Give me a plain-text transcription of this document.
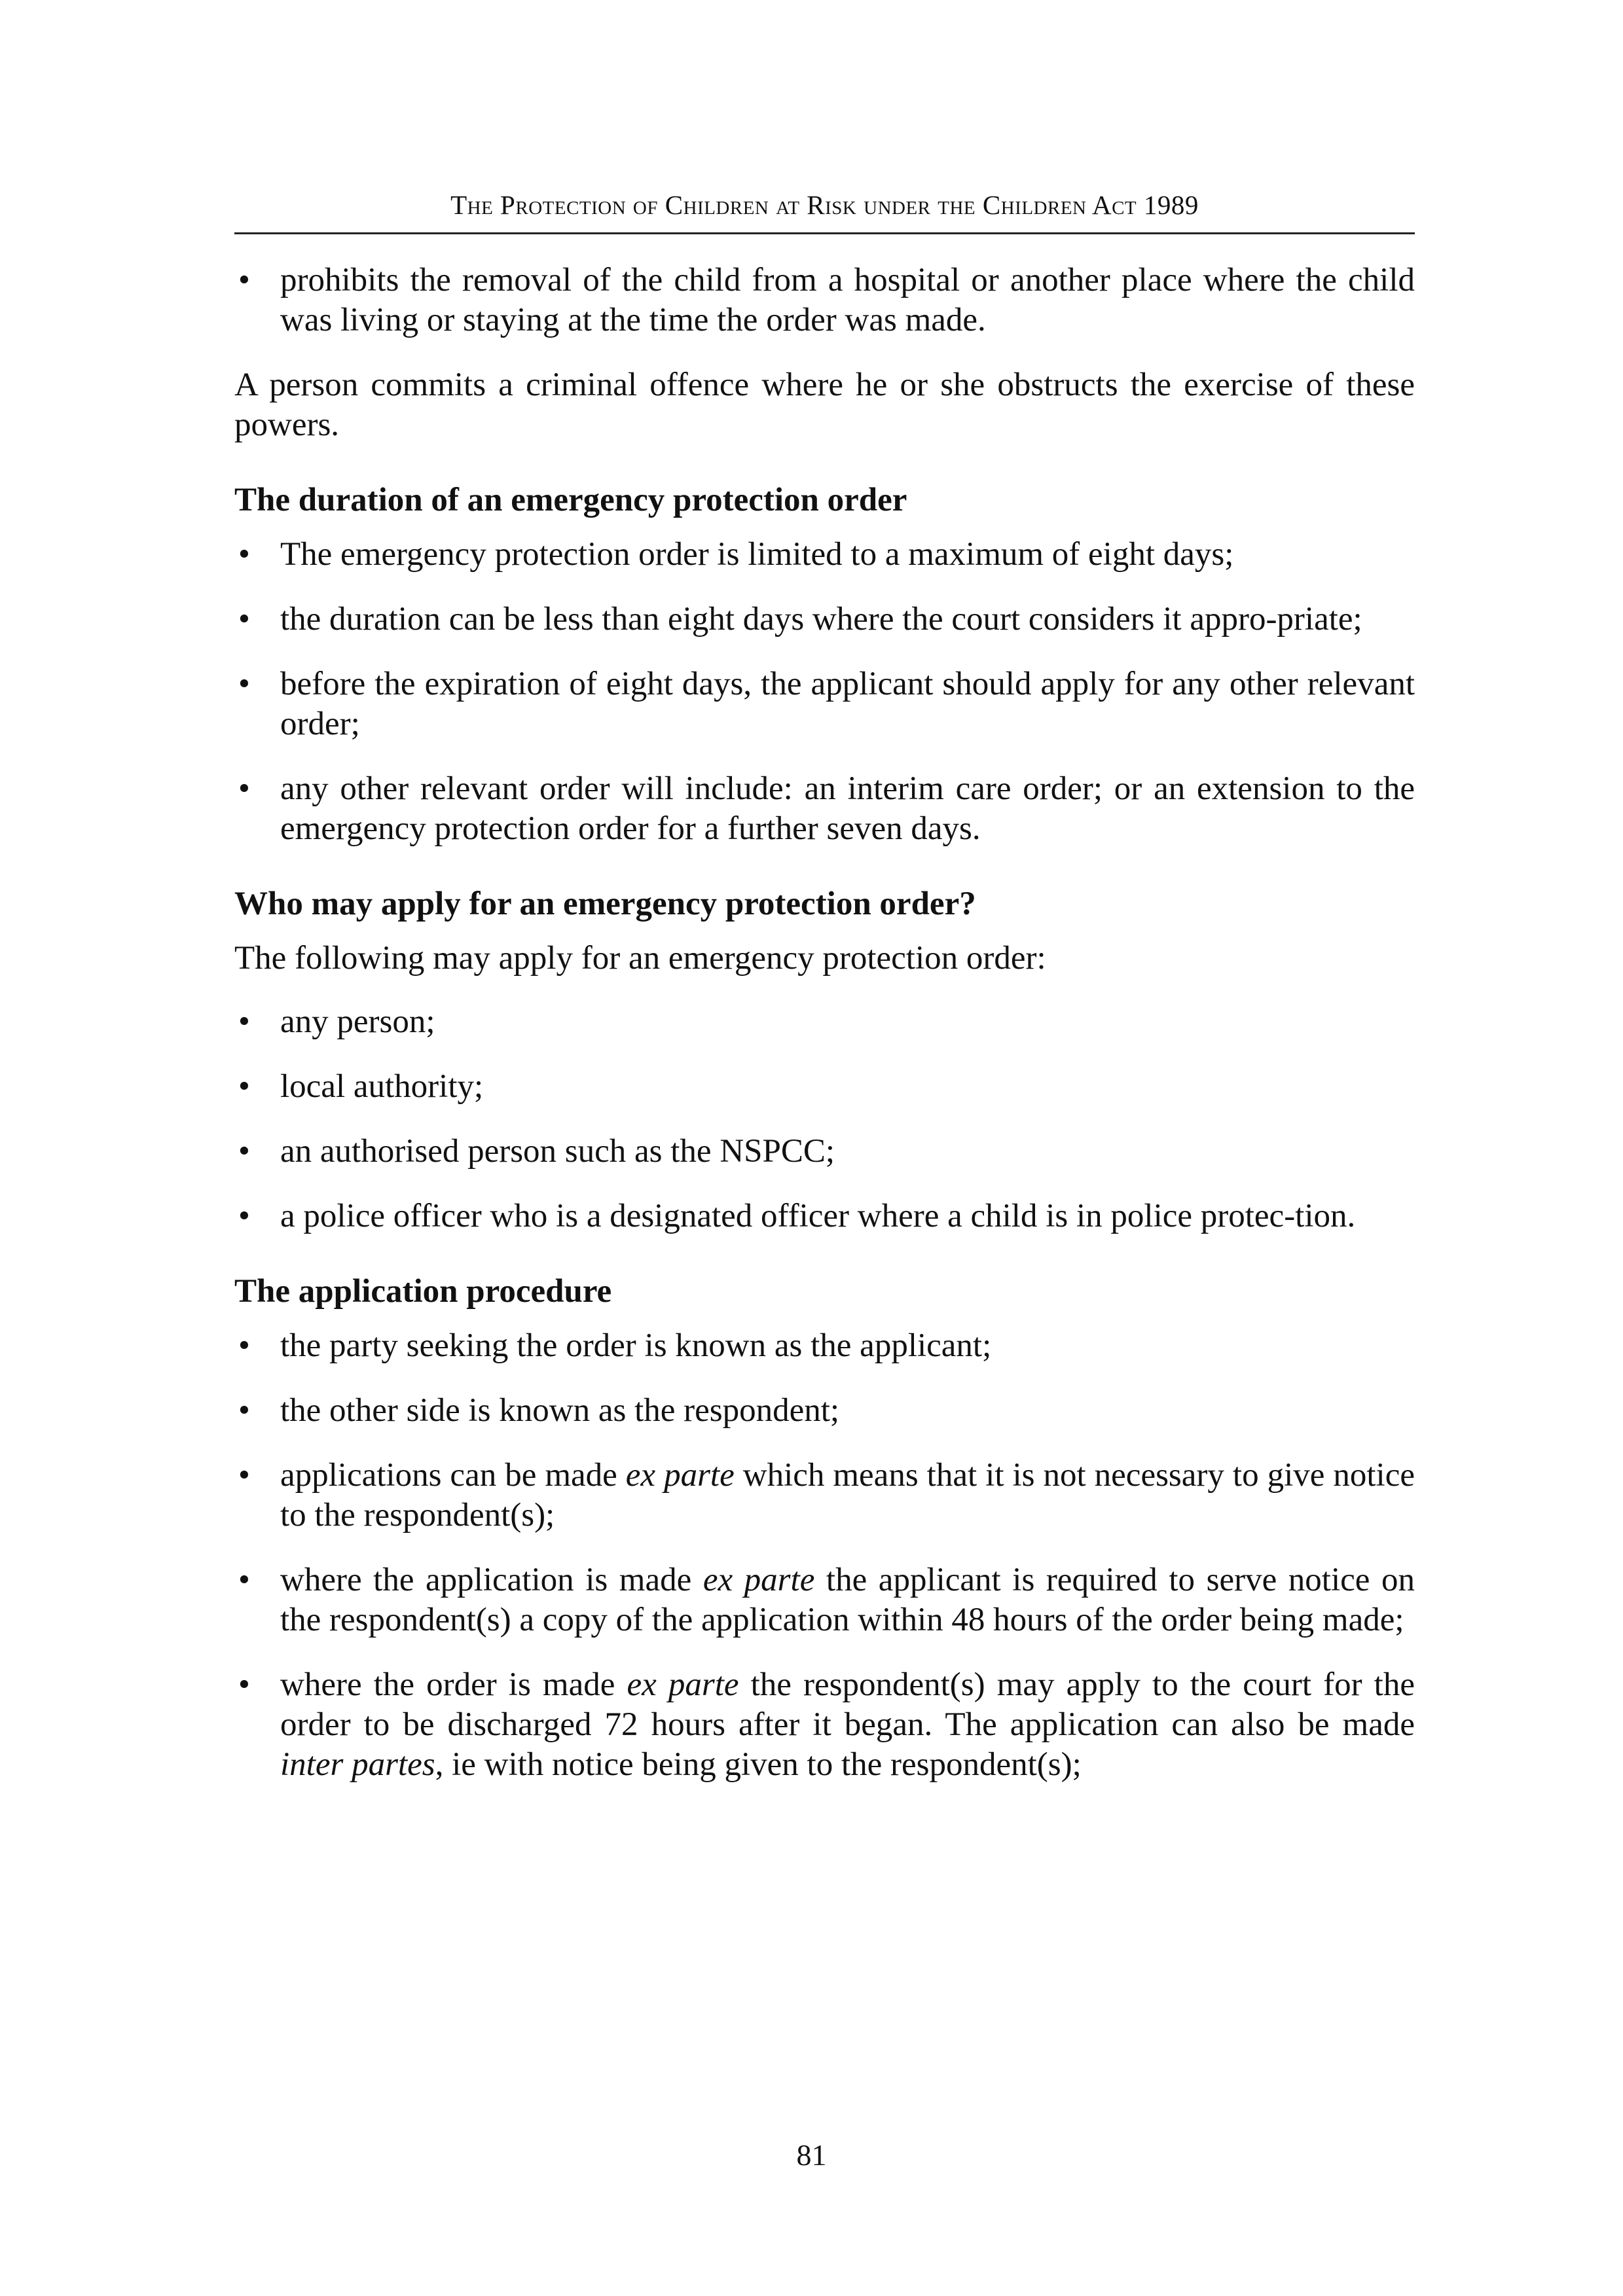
The Protection of Children at Risk under the Children Act 1989
• prohibits the removal of the child from a hospital or another place where the child was living or staying at the time the order was made.

A person commits a criminal offence where he or she obstructs the exercise of these powers.

The duration of an emergency protection order
• The emergency protection order is limited to a maximum of eight days;
• the duration can be less than eight days where the court considers it appro-priate;
• before the expiration of eight days, the applicant should apply for any other relevant order;
• any other relevant order will include: an interim care order; or an extension to the emergency protection order for a further seven days.
Who may apply for an emergency protection order?

The following may apply for an emergency protection order:

• any person;
• local authority;
• an authorised person such as the NSPCC;
• a police officer who is a designated officer where a child is in police protec-tion.
The application procedure
• the party seeking the order is known as the applicant;
• the other side is known as the respondent;
• applications can be made ex parte which means that it is not necessary to give notice to the respondent(s);
• where the application is made ex parte the applicant is required to serve notice on the respondent(s) a copy of the application within 48 hours of the order being made;
• where the order is made ex parte the respondent(s) may apply to the court for the order to be discharged 72 hours after it began. The application can also be made inter partes, ie with notice being given to the respondent(s);
81
